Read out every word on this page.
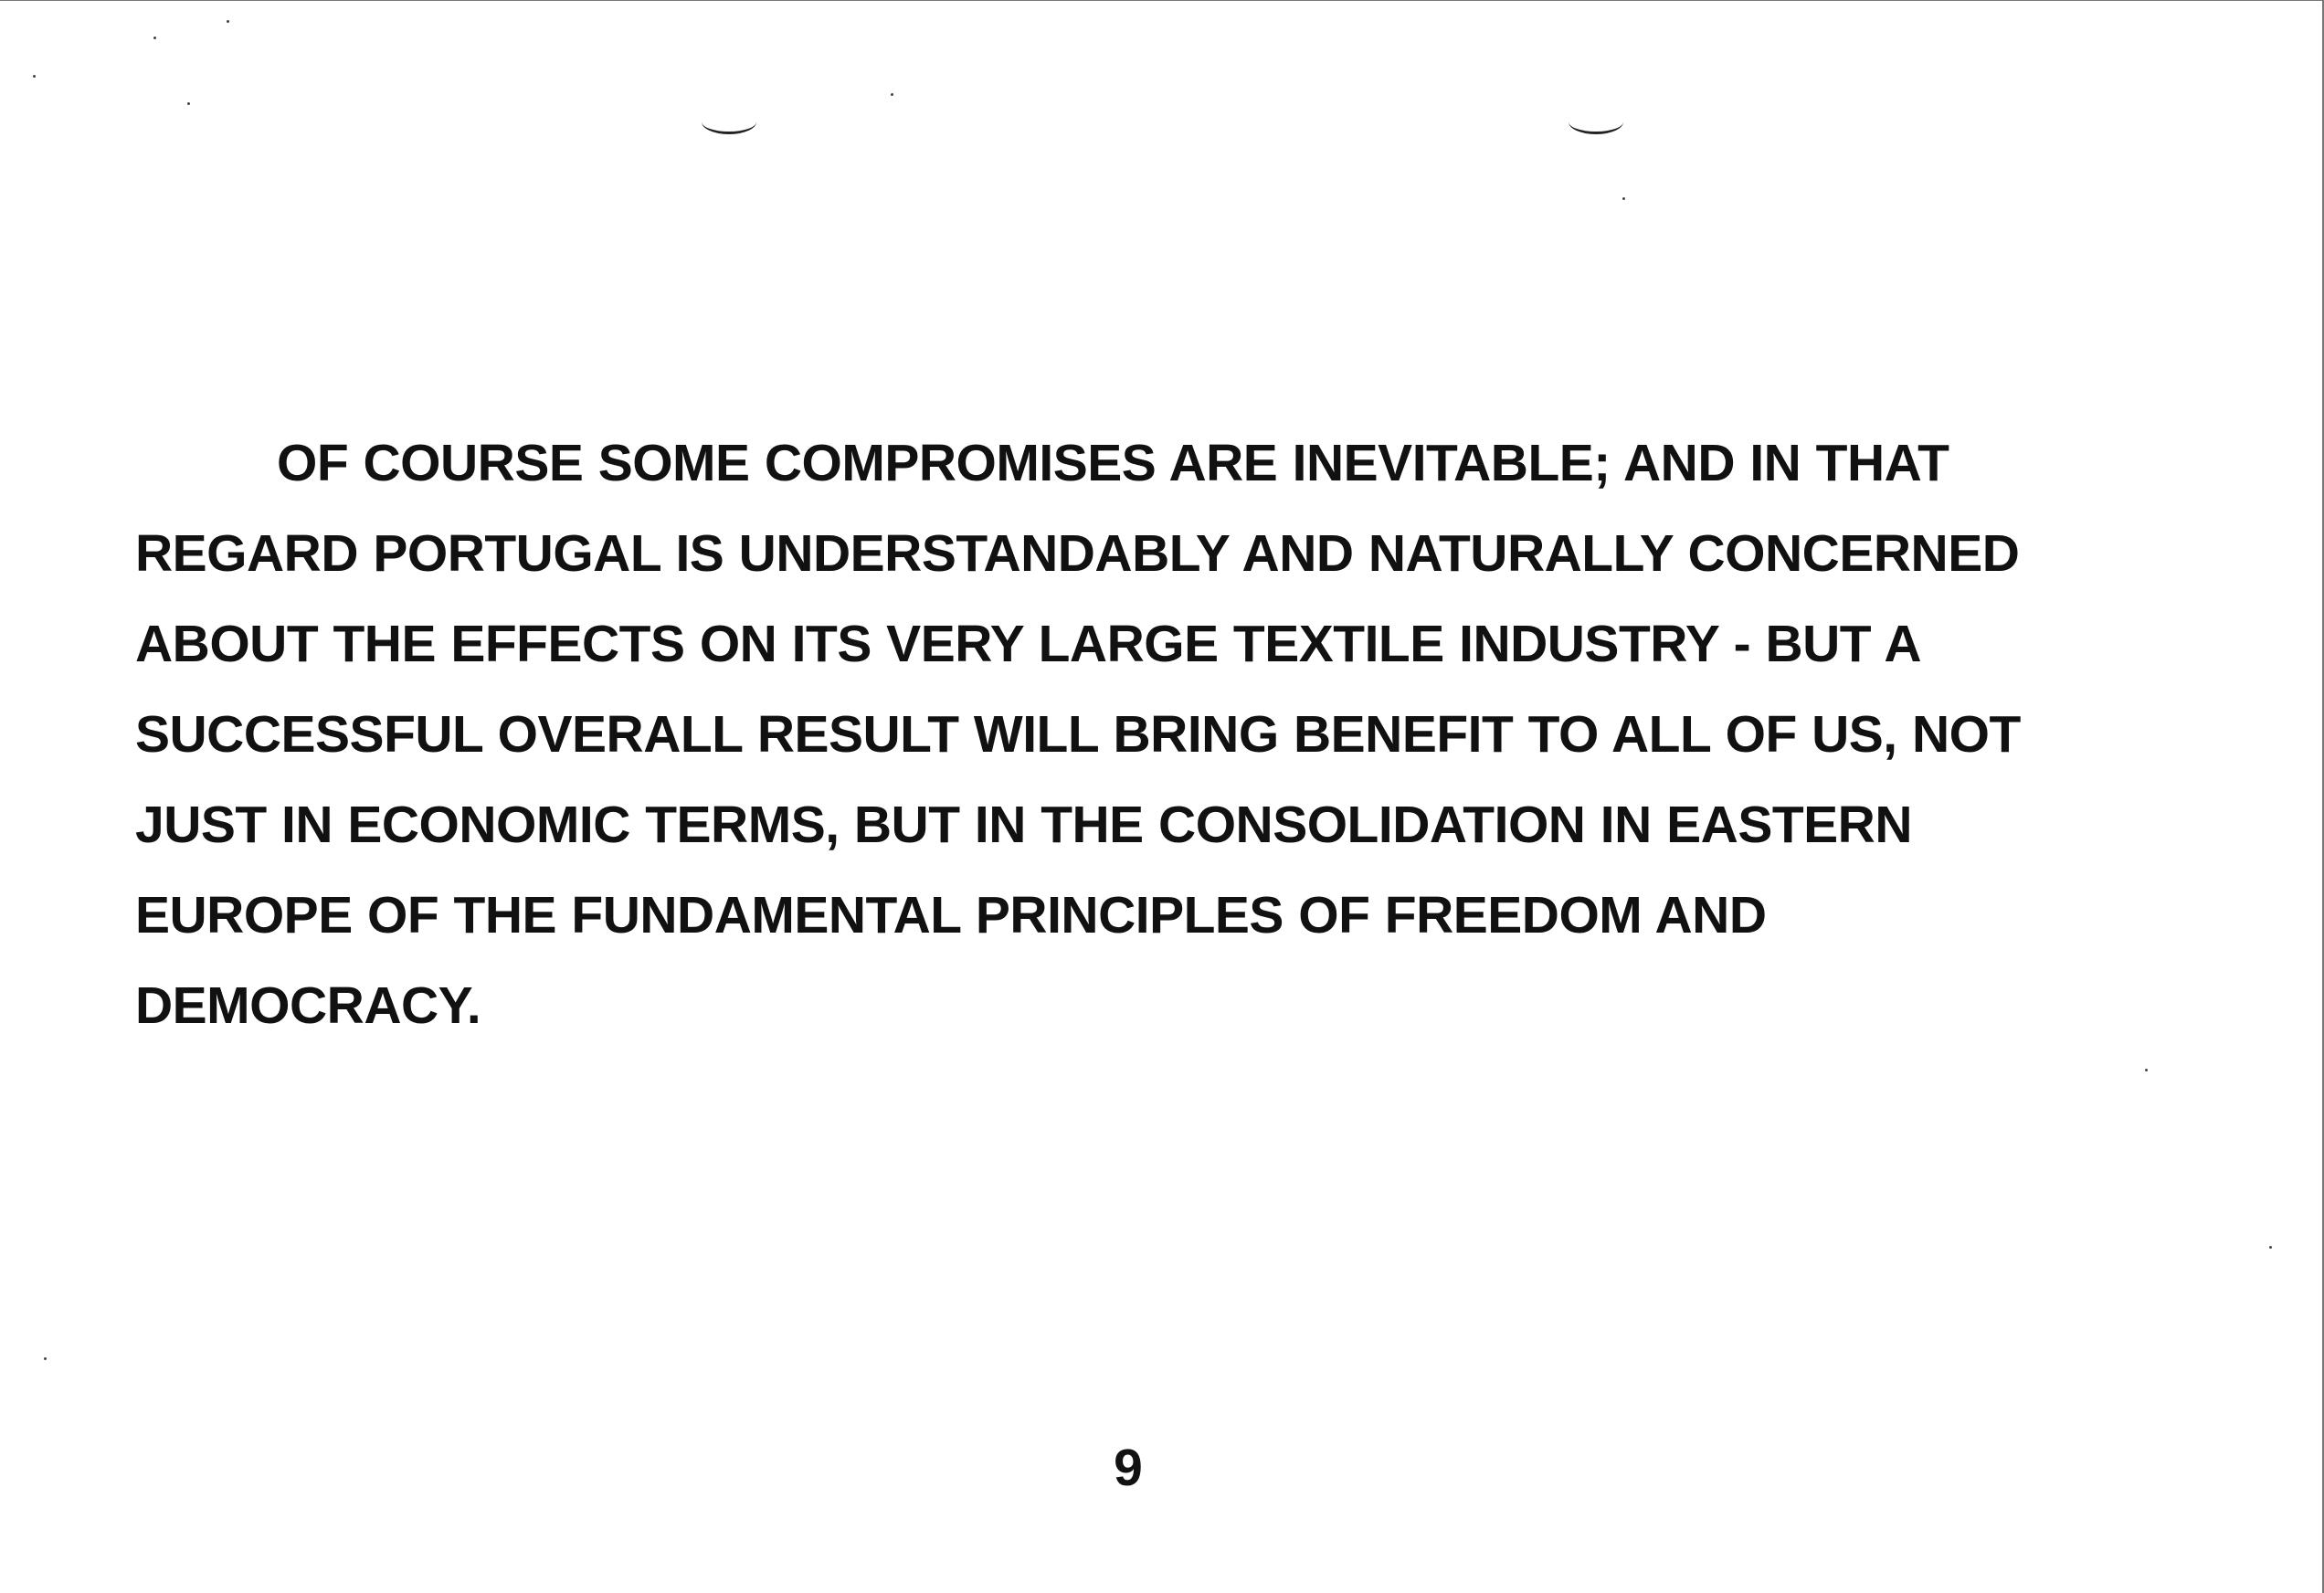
OF COURSE SOME COMPROMISES ARE INEVITABLE; AND IN THAT
REGARD PORTUGAL IS UNDERSTANDABLY AND NATURALLY CONCERNED
ABOUT THE EFFECTS ON ITS VERY LARGE TEXTILE INDUSTRY - BUT A
SUCCESSFUL OVERALL RESULT WILL BRING BENEFIT TO ALL OF US, NOT
JUST IN ECONOMIC TERMS, BUT IN THE CONSOLIDATION IN EASTERN
EUROPE OF THE FUNDAMENTAL PRINCIPLES OF FREEDOM AND
DEMOCRACY.
9
